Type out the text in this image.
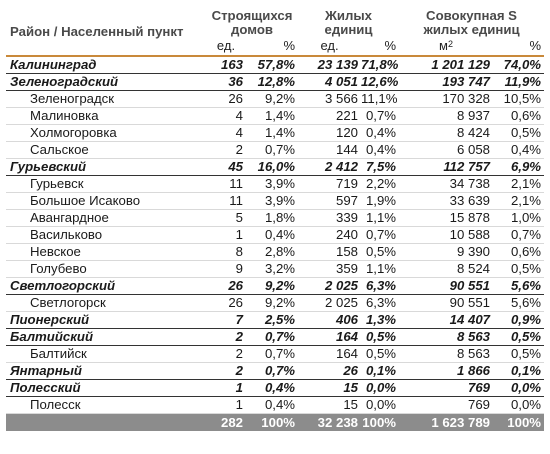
Район / Населенный пункт	Строящихся
домов		Жилых
единиц		Совокупная S
жилых единиц	
	ед.	%	ед.	%	$м^2$	%
Калининград	163	57,8%	23 139	71,8%	1 201 129	74,0%
Зеленоградский	36	12,8%	4 051	12,6%	193 747	11,9%
Зеленоградск	26	9,2%	3 566	11,1%	170 328	10,5%
Малиновка	4	1,4%	221	0,7%	8 937	0,6%
Холмогоровка	4	1,4%	120	0,4%	8 424	0,5%
Сальское	2	0,7%	144	0,4%	6 058	0,4%
Гурьевский	45	16,0%	2 412	7,5%	112 757	6,9%
Гурьевск	11	3,9%	719	2,2%	34 738	2,1%
Большое Исаково	11	3,9%	597	1,9%	33 639	2,1%
Авангардное	5	1,8%	339	1,1%	15 878	1,0%
Васильково	1	0,4%	240	0,7%	10 588	0,7%
Невское	8	2,8%	158	0,5%	9 390	0,6%
Голубево	9	3,2%	359	1,1%	8 524	0,5%
Светлогорский	26	9,2%	2 025	6,3%	90 551	5,6%
Светлогорск	26	9,2%	2 025	6,3%	90 551	5,6%
Пионерский	7	2,5%	406	1,3%	14 407	0,9%
Балтийский	2	0,7%	164	0,5%	8 563	0,5%
Балтийск	2	0,7%	164	0,5%	8 563	0,5%
Янтарный	2	0,7%	26	0,1%	1 866	0,1%
Полесский	1	0,4%	15	0,0%	769	0,0%
Полесск	1	0,4%	15	0,0%	769	0,0%
	282	100%	32 238	100%	1 623 789	100%
